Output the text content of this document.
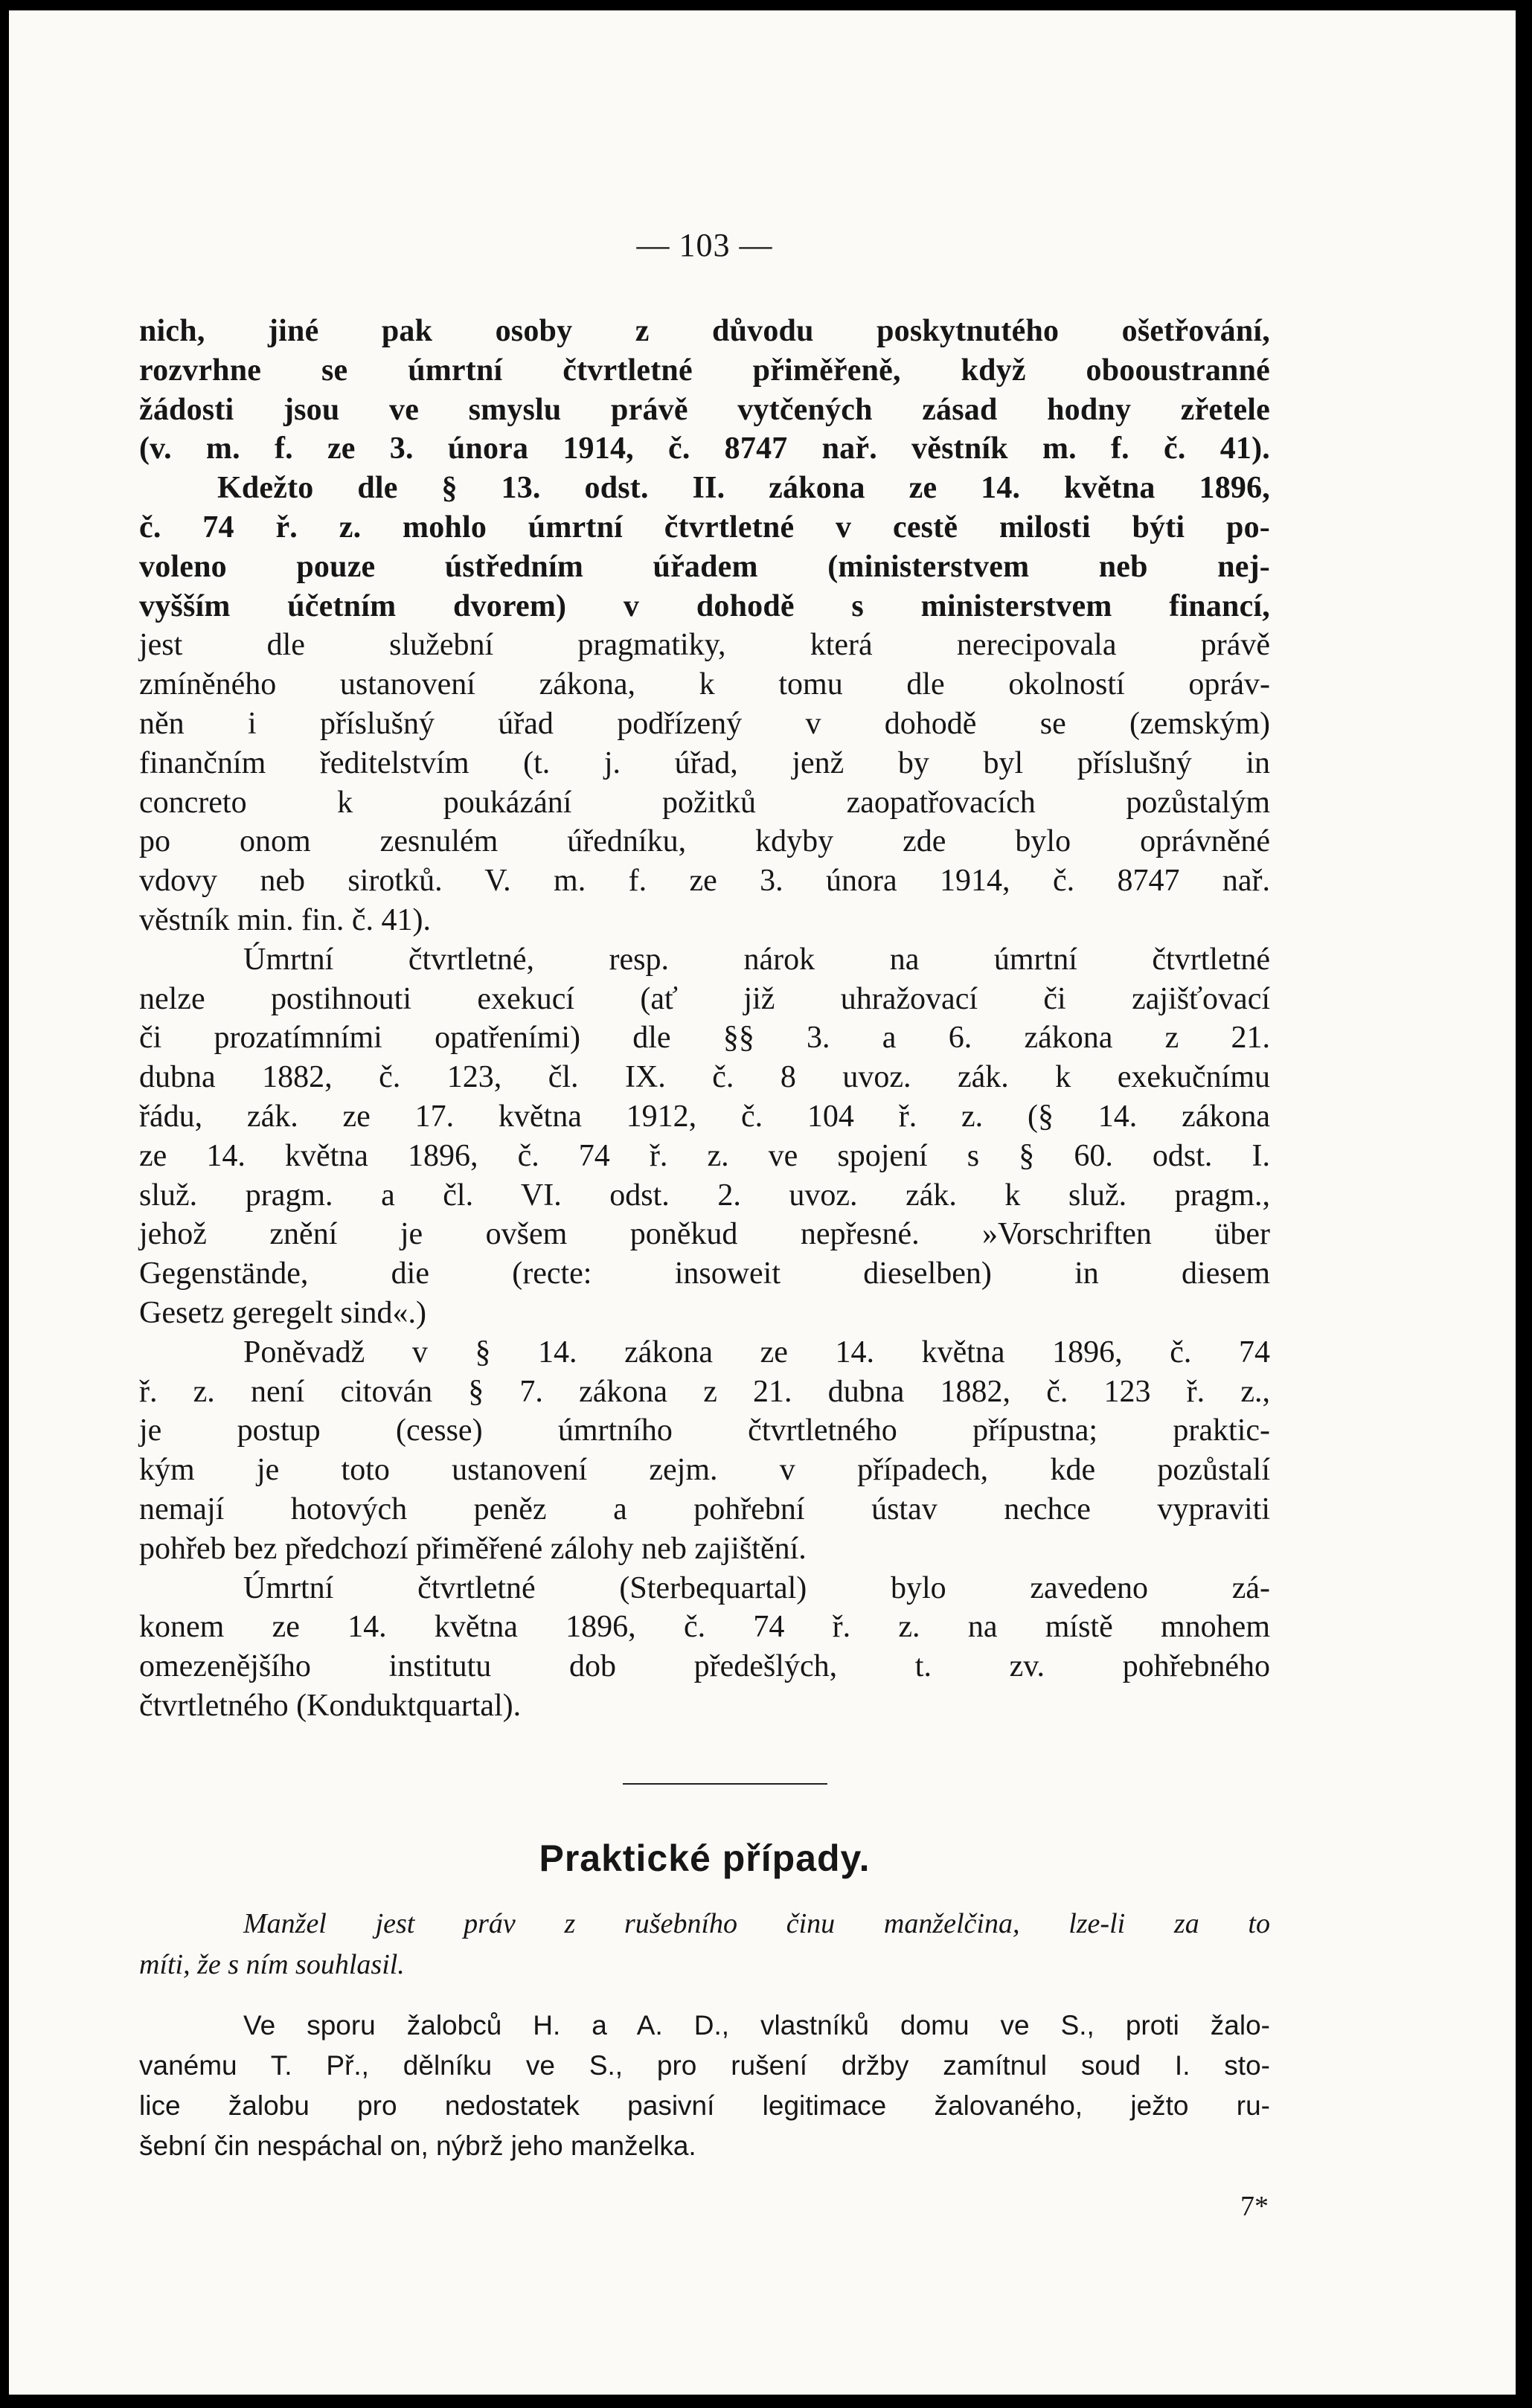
— 103 —
nich, jiné pak osoby z důvodu poskytnutého ošetřování,
rozvrhne se úmrtní čtvrtletné přiměřeně, když obooustranné
žádosti jsou ve smyslu právě vytčených zásad hodny zřetele
(v. m. f. ze 3. února 1914, č. 8747 nař. věstník m. f. č. 41).
Kdežto dle § 13. odst. II. zákona ze 14. května 1896,
č. 74 ř. z. mohlo úmrtní čtvrtletné v cestě milosti býti po-
voleno pouze ústředním úřadem (ministerstvem neb nej-
vyšším účetním dvorem) v dohodě s ministerstvem financí,
jest dle služební pragmatiky, která nerecipovala právě
zmíněného ustanovení zákona, k tomu dle okolností opráv-
něn i příslušný úřad podřízený v dohodě se (zemským)
finančním ředitelstvím (t. j. úřad, jenž by byl příslušný in
concreto k poukázání požitků zaopatřovacích pozůstalým
po onom zesnulém úředníku, kdyby zde bylo oprávněné
vdovy neb sirotků. V. m. f. ze 3. února 1914, č. 8747 nař.
věstník min. fin. č. 41).
Úmrtní čtvrtletné, resp. nárok na úmrtní čtvrtletné
nelze postihnouti exekucí (ať již uhražovací či zajišťovací
či prozatímními opatřeními) dle §§ 3. a 6. zákona z 21.
dubna 1882, č. 123, čl. IX. č. 8 uvoz. zák. k exekučnímu
řádu, zák. ze 17. května 1912, č. 104 ř. z. (§ 14. zákona
ze 14. května 1896, č. 74 ř. z. ve spojení s § 60. odst. I.
služ. pragm. a čl. VI. odst. 2. uvoz. zák. k služ. pragm.,
jehož znění je ovšem poněkud nepřesné. »Vorschriften über
Gegenstände, die (recte: insoweit dieselben) in diesem
Gesetz geregelt sind«.)
Poněvadž v § 14. zákona ze 14. května 1896, č. 74
ř. z. není citován § 7. zákona z 21. dubna 1882, č. 123 ř. z.,
je postup (cesse) úmrtního čtvrtletného přípustna; praktic-
kým je toto ustanovení zejm. v případech, kde pozůstalí
nemají hotových peněz a pohřební ústav nechce vypraviti
pohřeb bez předchozí přiměřené zálohy neb zajištění.
Úmrtní čtvrtletné (Sterbequartal) bylo zavedeno zá-
konem ze 14. května 1896, č. 74 ř. z. na místě mnohem
omezenějšího institutu dob předešlých, t. zv. pohřebného
čtvrtletného (Konduktquartal).
Praktické případy.
Manžel jest práv z rušebního činu manželčina, lze-li za to
míti, že s ním souhlasil.
Ve sporu žalobců H. a A. D., vlastníků domu ve S., proti žalo-
vanému T. Př., dělníku ve S., pro rušení držby zamítnul soud I. sto-
lice žalobu pro nedostatek pasivní legitimace žalovaného, ježto ru-
šební čin nespáchal on, nýbrž jeho manželka.
7*
